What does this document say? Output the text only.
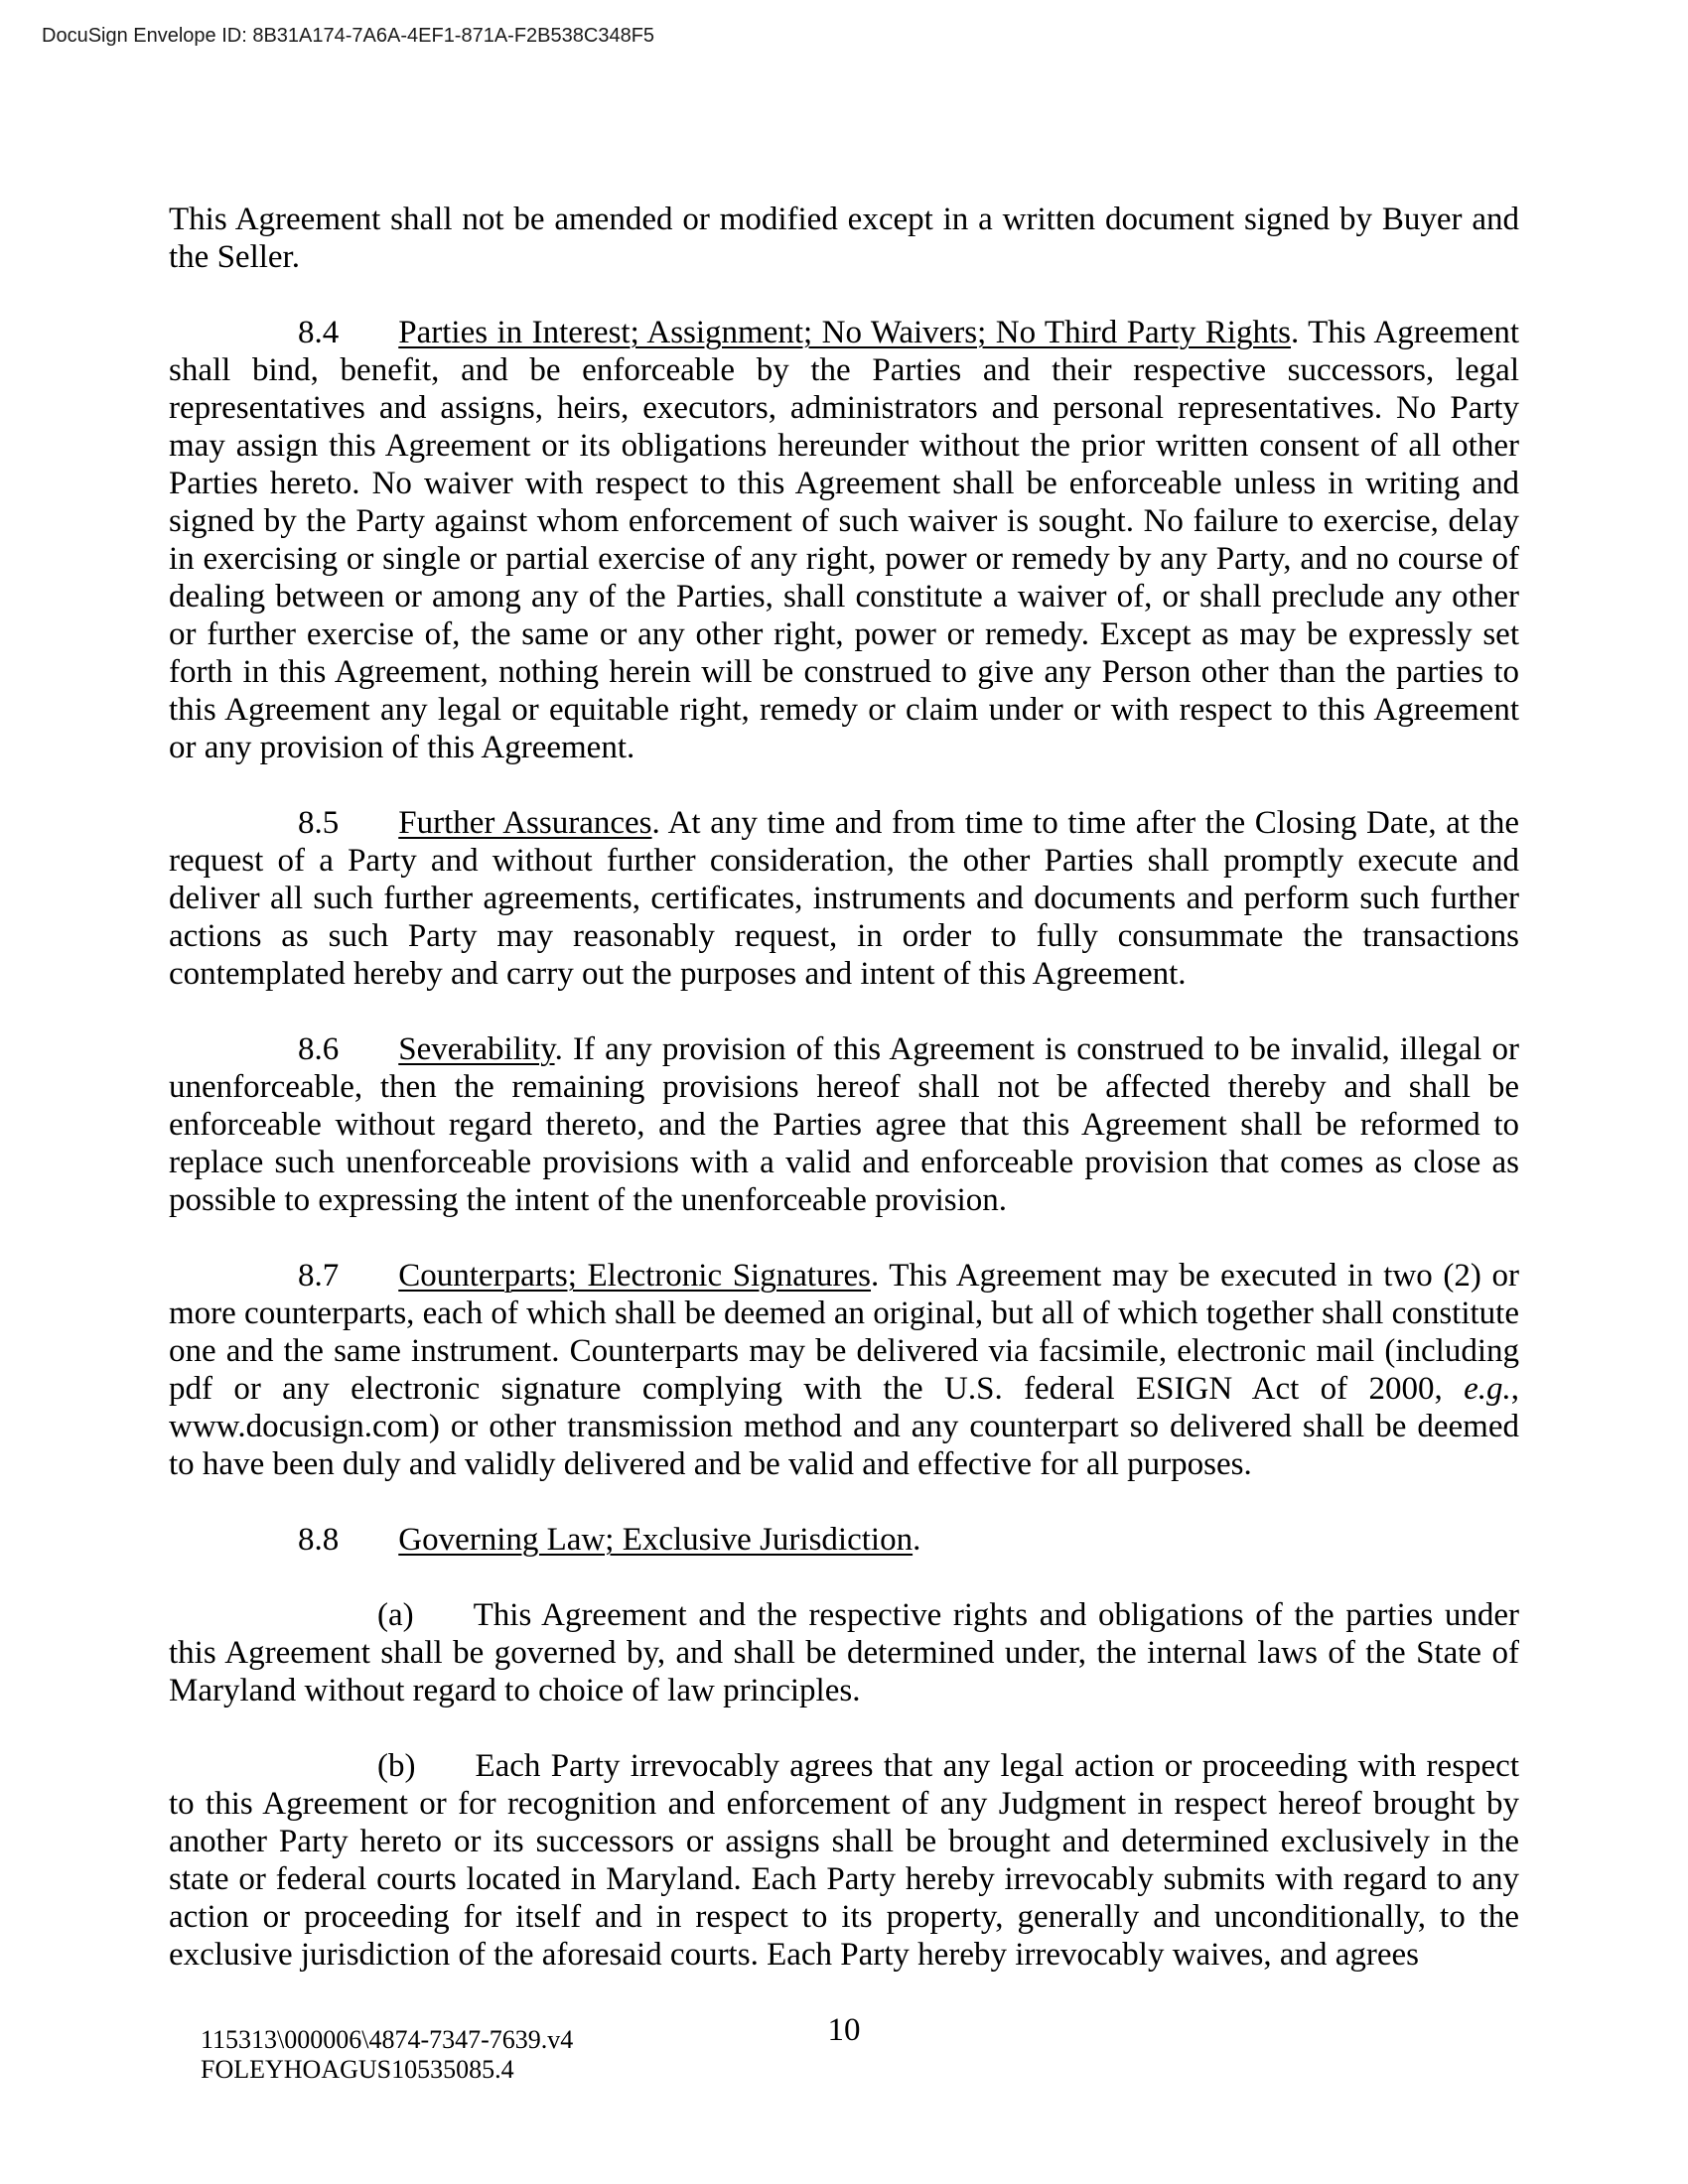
DocuSign Envelope ID: 8B31A174-7A6A-4EF1-871A-F2B538C348F5

This Agreement shall not be amended or modified except in a written document signed by Buyer and the Seller.

8.4 Parties in Interest; Assignment; No Waivers; No Third Party Rights. This Agreement shall bind, benefit, and be enforceable by the Parties and their respective successors, legal representatives and assigns, heirs, executors, administrators and personal representatives. No Party may assign this Agreement or its obligations hereunder without the prior written consent of all other Parties hereto. No waiver with respect to this Agreement shall be enforceable unless in writing and signed by the Party against whom enforcement of such waiver is sought. No failure to exercise, delay in exercising or single or partial exercise of any right, power or remedy by any Party, and no course of dealing between or among any of the Parties, shall constitute a waiver of, or shall preclude any other or further exercise of, the same or any other right, power or remedy. Except as may be expressly set forth in this Agreement, nothing herein will be construed to give any Person other than the parties to this Agreement any legal or equitable right, remedy or claim under or with respect to this Agreement or any provision of this Agreement.

8.5 Further Assurances. At any time and from time to time after the Closing Date, at the request of a Party and without further consideration, the other Parties shall promptly execute and deliver all such further agreements, certificates, instruments and documents and perform such further actions as such Party may reasonably request, in order to fully consummate the transactions contemplated hereby and carry out the purposes and intent of this Agreement.

8.6 Severability. If any provision of this Agreement is construed to be invalid, illegal or unenforceable, then the remaining provisions hereof shall not be affected thereby and shall be enforceable without regard thereto, and the Parties agree that this Agreement shall be reformed to replace such unenforceable provisions with a valid and enforceable provision that comes as close as possible to expressing the intent of the unenforceable provision.

8.7 Counterparts; Electronic Signatures. This Agreement may be executed in two (2) or more counterparts, each of which shall be deemed an original, but all of which together shall constitute one and the same instrument. Counterparts may be delivered via facsimile, electronic mail (including pdf or any electronic signature complying with the U.S. federal ESIGN Act of 2000, e.g., www.docusign.com) or other transmission method and any counterpart so delivered shall be deemed to have been duly and validly delivered and be valid and effective for all purposes.

8.8 Governing Law; Exclusive Jurisdiction.

(a) This Agreement and the respective rights and obligations of the parties under this Agreement shall be governed by, and shall be determined under, the internal laws of the State of Maryland without regard to choice of law principles.

(b) Each Party irrevocably agrees that any legal action or proceeding with respect to this Agreement or for recognition and enforcement of any Judgment in respect hereof brought by another Party hereto or its successors or assigns shall be brought and determined exclusively in the state or federal courts located in Maryland. Each Party hereby irrevocably submits with regard to any action or proceeding for itself and in respect to its property, generally and unconditionally, to the exclusive jurisdiction of the aforesaid courts. Each Party hereby irrevocably waives, and agrees

10
115313\000006\4874-7347-7639.v4
FOLEYHOAGUS10535085.4
